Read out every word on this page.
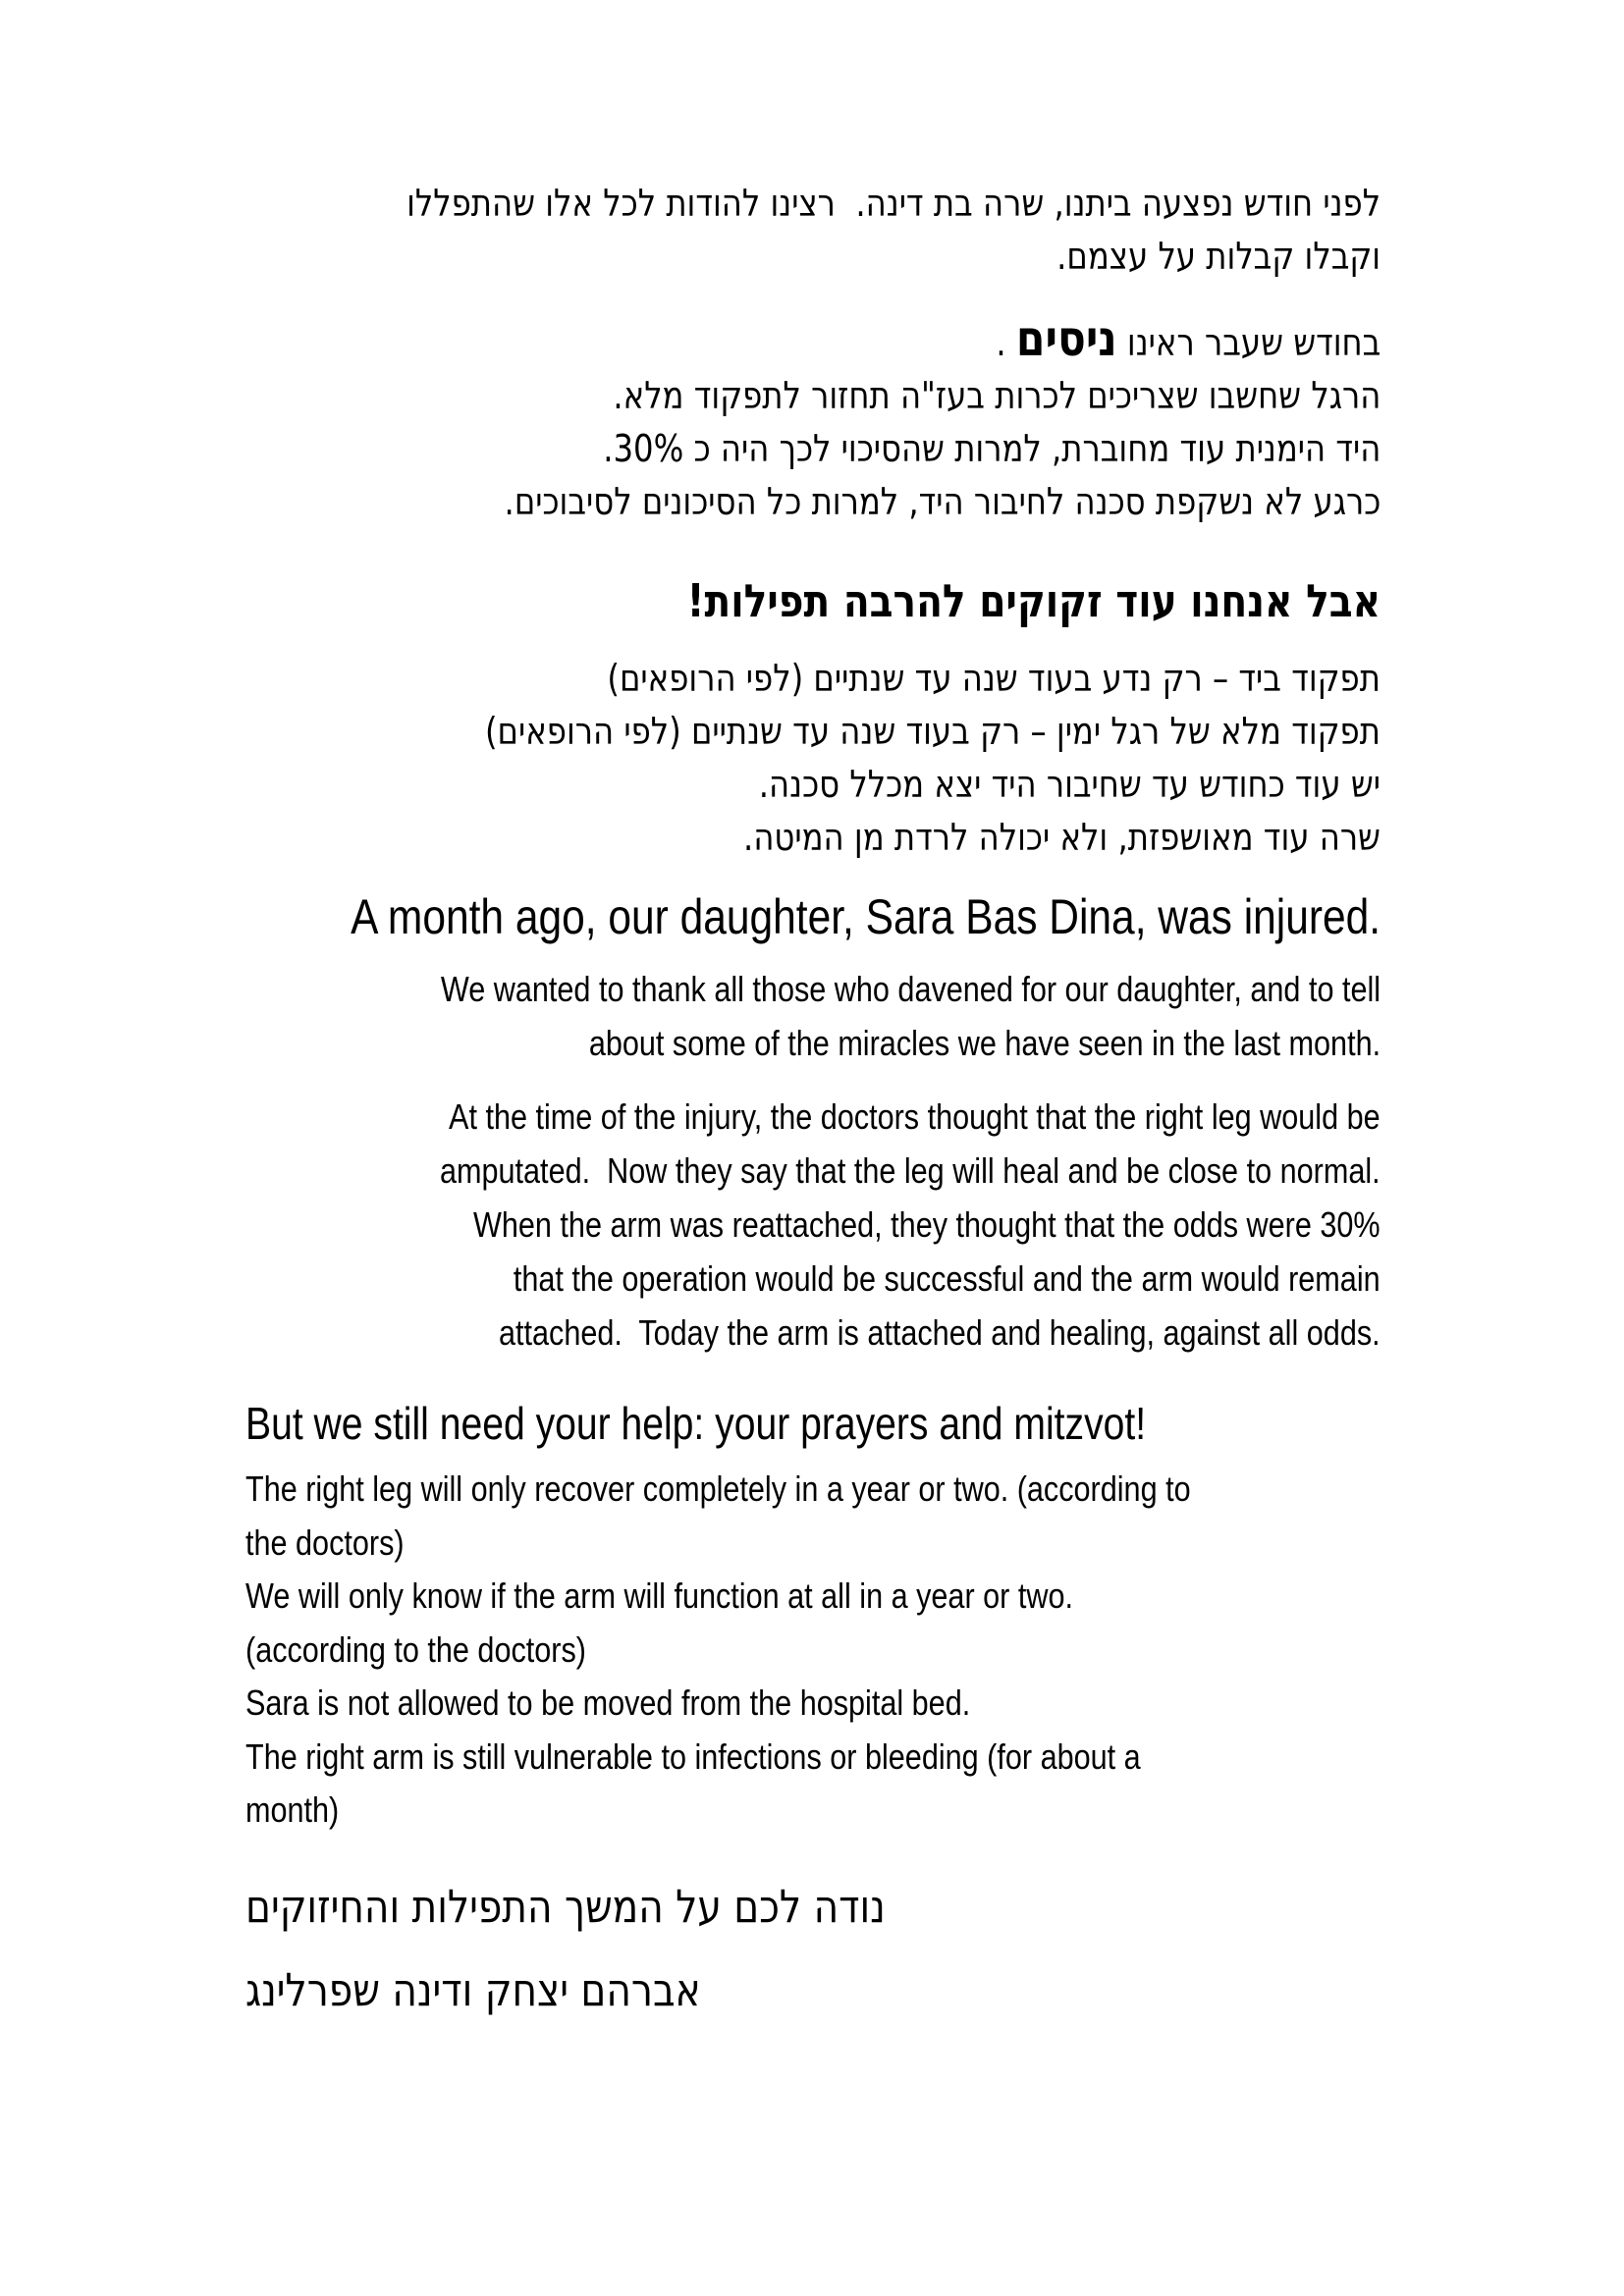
לפני חודש נפצעה ביתנו, שרה בת דינה.  רצינו להודות לכל אלו שהתפללו
וקבלו קבלות על עצמם.
בחודש שעבר ראינו ניסים .
הרגל שחשבו שצריכים לכרות בעז"ה תחזור לתפקוד מלא.
היד הימנית עוד מחוברת, למרות שהסיכוי לכך היה כ 30%.
כרגע לא נשקפת סכנה לחיבור היד, למרות כל הסיכונים לסיבוכים.
אבל אנחנו עוד זקוקים להרבה תפילות!
תפקוד ביד – רק נדע בעוד שנה עד שנתיים (לפי הרופאים)
תפקוד מלא של רגל ימין – רק בעוד שנה עד שנתיים (לפי הרופאים)
יש עוד כחודש עד שחיבור היד יצא מכלל סכנה.
שרה עוד מאושפזת, ולא יכולה לרדת מן המיטה.
A month ago, our daughter, Sara Bas Dina, was injured.
We wanted to thank all those who davened for our daughter, and to tell
about some of the miracles we have seen in the last month.
At the time of the injury, the doctors thought that the right leg would be
amputated.  Now they say that the leg will heal and be close to normal.
When the arm was reattached, they thought that the odds were 30%
that the operation would be successful and the arm would remain
attached.  Today the arm is attached and healing, against all odds.
But we still need your help: your prayers and mitzvot!
The right leg will only recover completely in a year or two. (according to
the doctors)
We will only know if the arm will function at all in a year or two.
(according to the doctors)
Sara is not allowed to be moved from the hospital bed.
The right arm is still vulnerable to infections or bleeding (for about a
month)
נודה לכם על המשך התפילות והחיזוקים
אברהם יצחק ודינה שפרלינג
